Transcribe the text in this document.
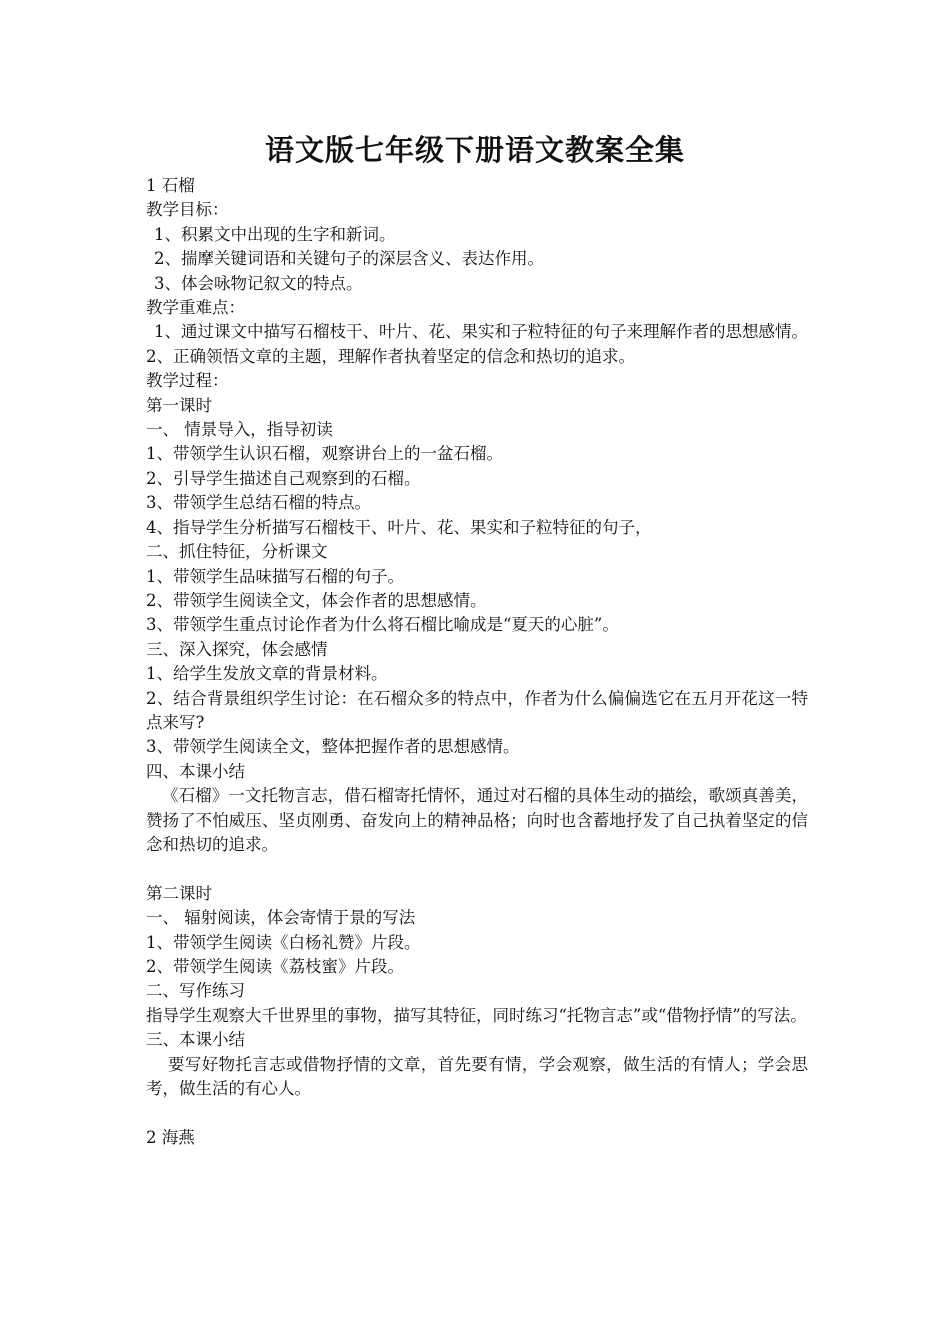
语文版七年级下册语文教案全集

1 石榴

教学目标：

1、积累文中出现的生字和新词。

2、揣摩关键词语和关键句子的深层含义、表达作用。

3、体会咏物记叙文的特点。

教学重难点：

1、通过课文中描写石榴枝干、叶片、花、果实和子粒特征的句子来理解作者的思想感情。

2、正确领悟文章的主题，理解作者执着坚定的信念和热切的追求。

教学过程：

第一课时

一、 情景导入，指导初读

1、带领学生认识石榴，观察讲台上的一盆石榴。

2、引导学生描述自己观察到的石榴。

3、带领学生总结石榴的特点。

4、指导学生分析描写石榴枝干、叶片、花、果实和子粒特征的句子，

二、抓住特征，分析课文

1、带领学生品味描写石榴的句子。

2、带领学生阅读全文，体会作者的思想感情。

3、带领学生重点讨论作者为什么将石榴比喻成是“夏天的心脏”。

三、深入探究，体会感情

1、给学生发放文章的背景材料。

2、结合背景组织学生讨论：在石榴众多的特点中，作者为什么偏偏选它在五月开花这一特点来写?

3、带领学生阅读全文，整体把握作者的思想感情。

四、本课小结

《石榴》一文托物言志，借石榴寄托情怀，通过对石榴的具体生动的描绘，歌颂真善美，赞扬了不怕威压、坚贞刚勇、奋发向上的精神品格；向时也含蓄地抒发了自己执着坚定的信念和热切的追求。

第二课时

一、 辐射阅读，体会寄情于景的写法

1、带领学生阅读《白杨礼赞》片段。

2、带领学生阅读《荔枝蜜》片段。

二、写作练习

指导学生观察大千世界里的事物，描写其特征，同时练习“托物言志”或“借物抒情”的写法。

三、本课小结

要写好物托言志或借物抒情的文章，首先要有情，学会观察，做生活的有情人；学会思考，做生活的有心人。

2 海燕
